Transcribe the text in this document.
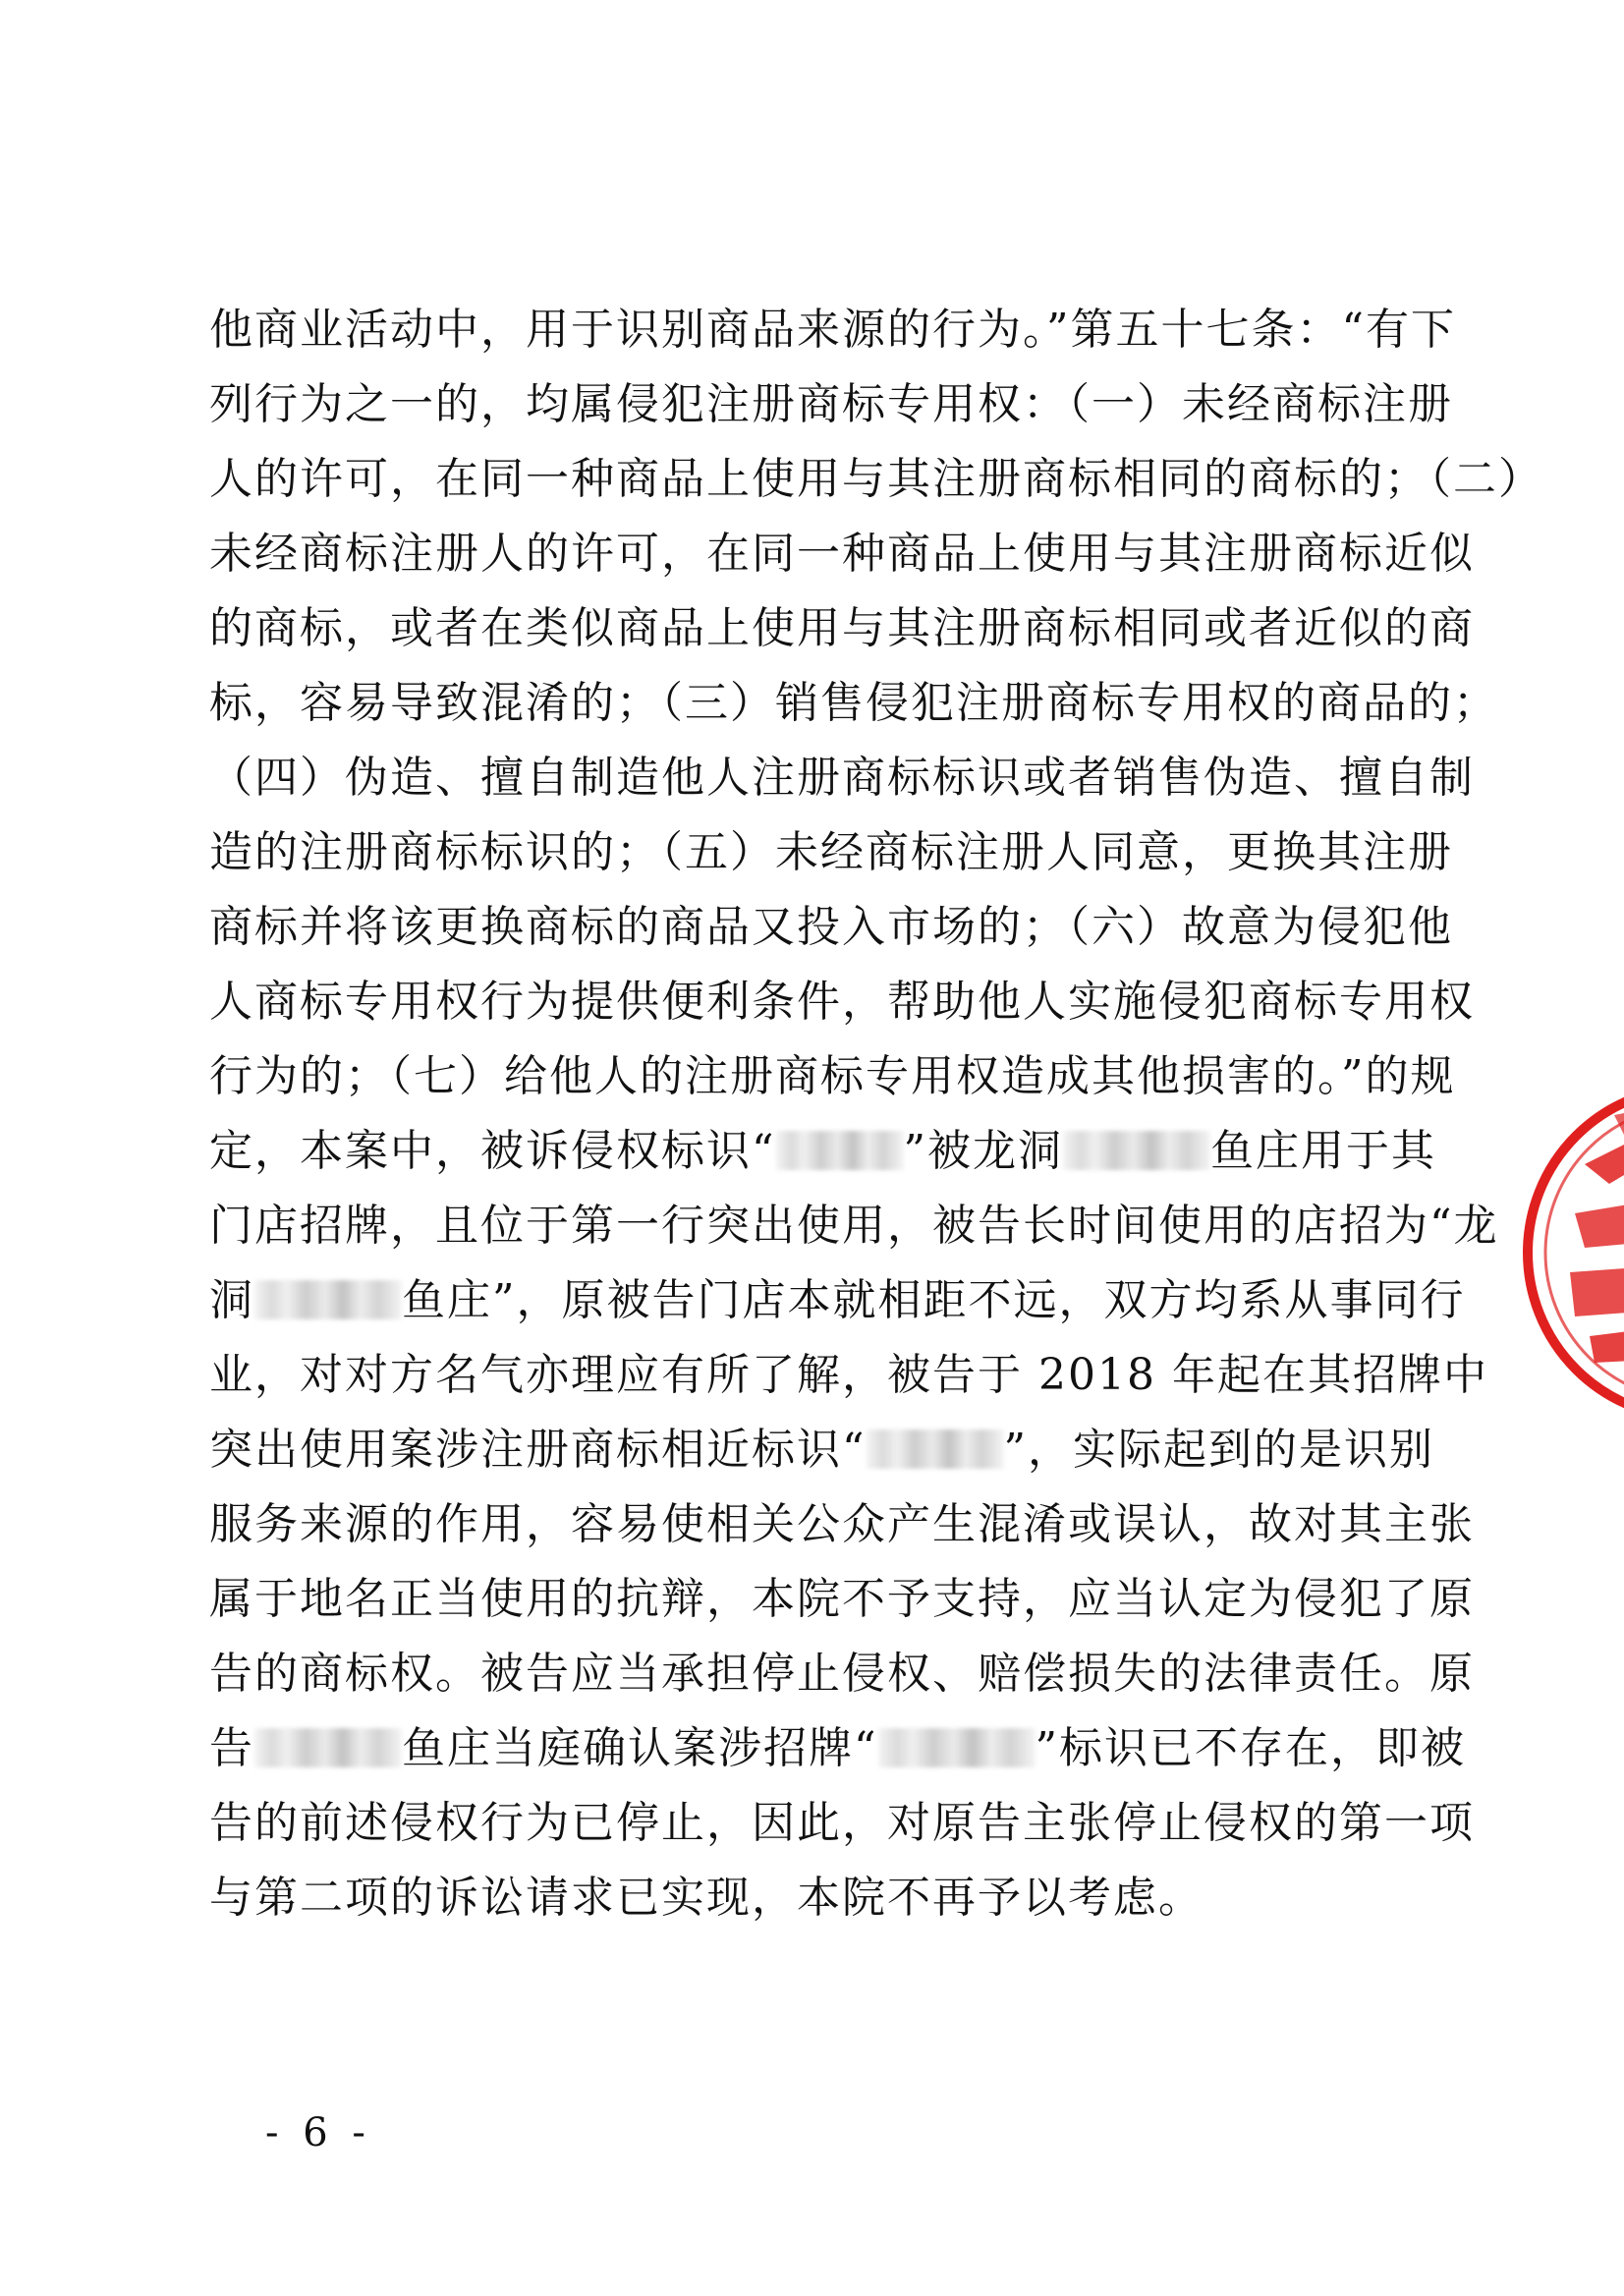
他商业活动中，用于识别商品来源的行为。”第五十七条：“有下
列行为之一的，均属侵犯注册商标专用权：（一）未经商标注册
人的许可，在同一种商品上使用与其注册商标相同的商标的；（二）
未经商标注册人的许可，在同一种商品上使用与其注册商标近似
的商标，或者在类似商品上使用与其注册商标相同或者近似的商
标，容易导致混淆的；（三）销售侵犯注册商标专用权的商品的；
（四）伪造、擅自制造他人注册商标标识或者销售伪造、擅自制
造的注册商标标识的；（五）未经商标注册人同意，更换其注册
商标并将该更换商标的商品又投入市场的；（六）故意为侵犯他
人商标专用权行为提供便利条件，帮助他人实施侵犯商标专用权
行为的；（七）给他人的注册商标专用权造成其他损害的。”的规
定，本案中，被诉侵权标识“	”被龙洞	鱼庄用于其
门店招牌，且位于第一行突出使用，被告长时间使用的店招为“龙
洞	鱼庄”，原被告门店本就相距不远，双方均系从事同行
业，对对方名气亦理应有所了解，被告于 2018 年起在其招牌中
突出使用案涉注册商标相近标识“	”，实际起到的是识别
服务来源的作用，容易使相关公众产生混淆或误认，故对其主张
属于地名正当使用的抗辩，本院不予支持，应当认定为侵犯了原
告的商标权。被告应当承担停止侵权、赔偿损失的法律责任。原
告	鱼庄当庭确认案涉招牌“	”标识已不存在，即被
告的前述侵权行为已停止，因此，对原告主张停止侵权的第一项
与第二项的诉讼请求已实现，本院不再予以考虑。
- 6 -
